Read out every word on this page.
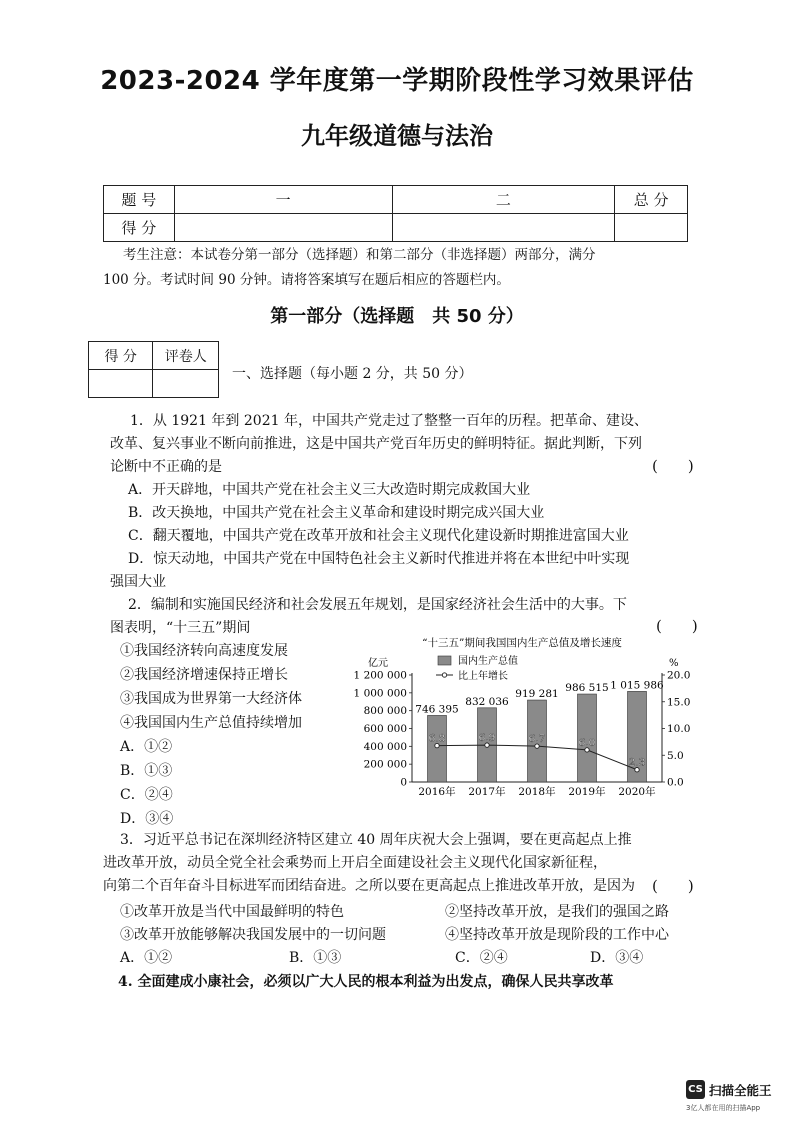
2023-2024 学年度第一学期阶段性学习效果评估
九年级道德与法治
题 号	一	二	总 分
得 分			
考生注意：本试卷分第一部分（选择题）和第二部分（非选择题）两部分，满分
100 分。考试时间 90 分钟。请将答案填写在题后相应的答题栏内。
第一部分（选择题　共 50 分）
得 分	评卷人

一、选择题（每小题 2 分，共 50 分）
1．从 1921 年到 2021 年，中国共产党走过了整整一百年的历程。把革命、建设、
改革、复兴事业不断向前推进，这是中国共产党百年历史的鲜明特征。据此判断，下列
论断中不正确的是	(　　)
A．开天辟地，中国共产党在社会主义三大改造时期完成救国大业
B．改天换地，中国共产党在社会主义革命和建设时期完成兴国大业
C．翻天覆地，中国共产党在改革开放和社会主义现代化建设新时期推进富国大业
D．惊天动地，中国共产党在中国特色社会主义新时代推进并将在本世纪中叶实现
强国大业
2．编制和实施国民经济和社会发展五年规划，是国家经济社会生活中的大事。下
图表明，“十三五”期间	(　　)
①我国经济转向高速度发展
②我国经济增速保持正增长
③我国成为世界第一大经济体
④我国国内生产总值持续增加
A．①②
B．①③
C．②④
D．③④
“十三五”期间我国国内生产总值及增长速度
亿元	%
国内生产总值
比上年增长
0
200 000
400 000
600 000
800 000
1 000 000
1 200 000
0.0
5.0
10.0
15.0
20.0
746 395
2016年
832 036
2017年
919 281
2018年
986 515
2019年
1 015 986
2020年
6.8	6.9	6.7	6.0
2.3
3．习近平总书记在深圳经济特区建立 40 周年庆祝大会上强调，要在更高起点上推
进改革开放，动员全党全社会乘势而上开启全面建设社会主义现代化国家新征程，
向第二个百年奋斗目标进军而团结奋进。之所以要在更高起点上推进改革开放，是因为 (　　)
①改革开放是当代中国最鲜明的特色	②坚持改革开放，是我们的强国之路
③改革开放能够解决我国发展中的一切问题	④坚持改革开放是现阶段的工作中心
A．①②	B．①③	C．②④	D．③④
4. 全面建成小康社会，必须以广大人民的根本利益为出发点，确保人民共享改革
CS 扫描全能王
3亿人都在用的扫描App
